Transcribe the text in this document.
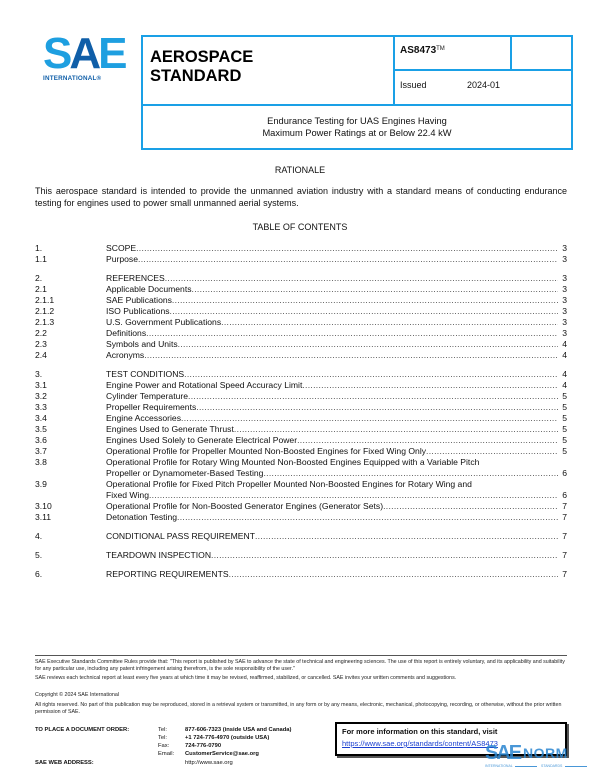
SAE
INTERNATIONAL®
AEROSPACE
STANDARD
AS8473™
Issued	2024-01
Endurance Testing for UAS Engines Having
Maximum Power Ratings at or Below 22.4 kW
RATIONALE
This aerospace standard is intended to provide the unmanned aviation industry with a standard means of conducting endurance testing for engines used to power small unmanned aerial systems.
TABLE OF CONTENTS
1.	SCOPE .....	3
1.1	Purpose .....	3
2.	REFERENCES .....	3
2.1	Applicable Documents .....	3
2.1.1	SAE Publications .....	3
2.1.2	ISO Publications .....	3
2.1.3	U.S. Government Publications .....	3
2.2	Definitions .....	3
2.3	Symbols and Units .....	4
2.4	Acronyms .....	4
3.	TEST CONDITIONS .....	4
3.1	Engine Power and Rotational Speed Accuracy Limit .....	4
3.2	Cylinder Temperature .....	5
3.3	Propeller Requirements .....	5
3.4	Engine Accessories .....	5
3.5	Engines Used to Generate Thrust .....	5
3.6	Engines Used Solely to Generate Electrical Power .....	5
3.7	Operational Profile for Propeller Mounted Non-Boosted Engines for Fixed Wing Only .....	5
3.8	Operational Profile for Rotary Wing Mounted Non-Boosted Engines Equipped with a Variable Pitch
Propeller or Dynamometer-Based Testing .....	6
3.9	Operational Profile for Fixed Pitch Propeller Mounted Non-Boosted Engines for Rotary Wing and
Fixed Wing .....	6
3.10	Operational Profile for Non-Boosted Generator Engines (Generator Sets) .....	7
3.11	Detonation Testing .....	7
4.	CONDITIONAL PASS REQUIREMENT .....	7
5.	TEARDOWN INSPECTION .....	7
6.	REPORTING REQUIREMENTS .....	7
SAE Executive Standards Committee Rules provide that: "This report is published by SAE to advance the state of technical and engineering sciences. The use of this report is entirely voluntary, and its applicability and suitability for any particular use, including any patent infringement arising therefrom, is the sole responsibility of the user."
SAE reviews each technical report at least every five years at which time it may be revised, reaffirmed, stabilized, or cancelled. SAE invites your written comments and suggestions.
Copyright © 2024 SAE International
All rights reserved. No part of this publication may be reproduced, stored in a retrieval system or transmitted, in any form or by any means, electronic, mechanical, photocopying, recording, or otherwise, without the prior written permission of SAE.
TO PLACE A DOCUMENT ORDER:	Tel:	877-606-7323 (inside USA and Canada)
Tel:	+1 724-776-4970 (outside USA)
Fax:	724-776-0790
Email: CustomerService@sae.org
SAE WEB ADDRESS:	http://www.sae.org
For more information on this standard, visit
https://www.sae.org/standards/content/AS8473
SAE NORM
INTERNATIONAL	STANDARDS
